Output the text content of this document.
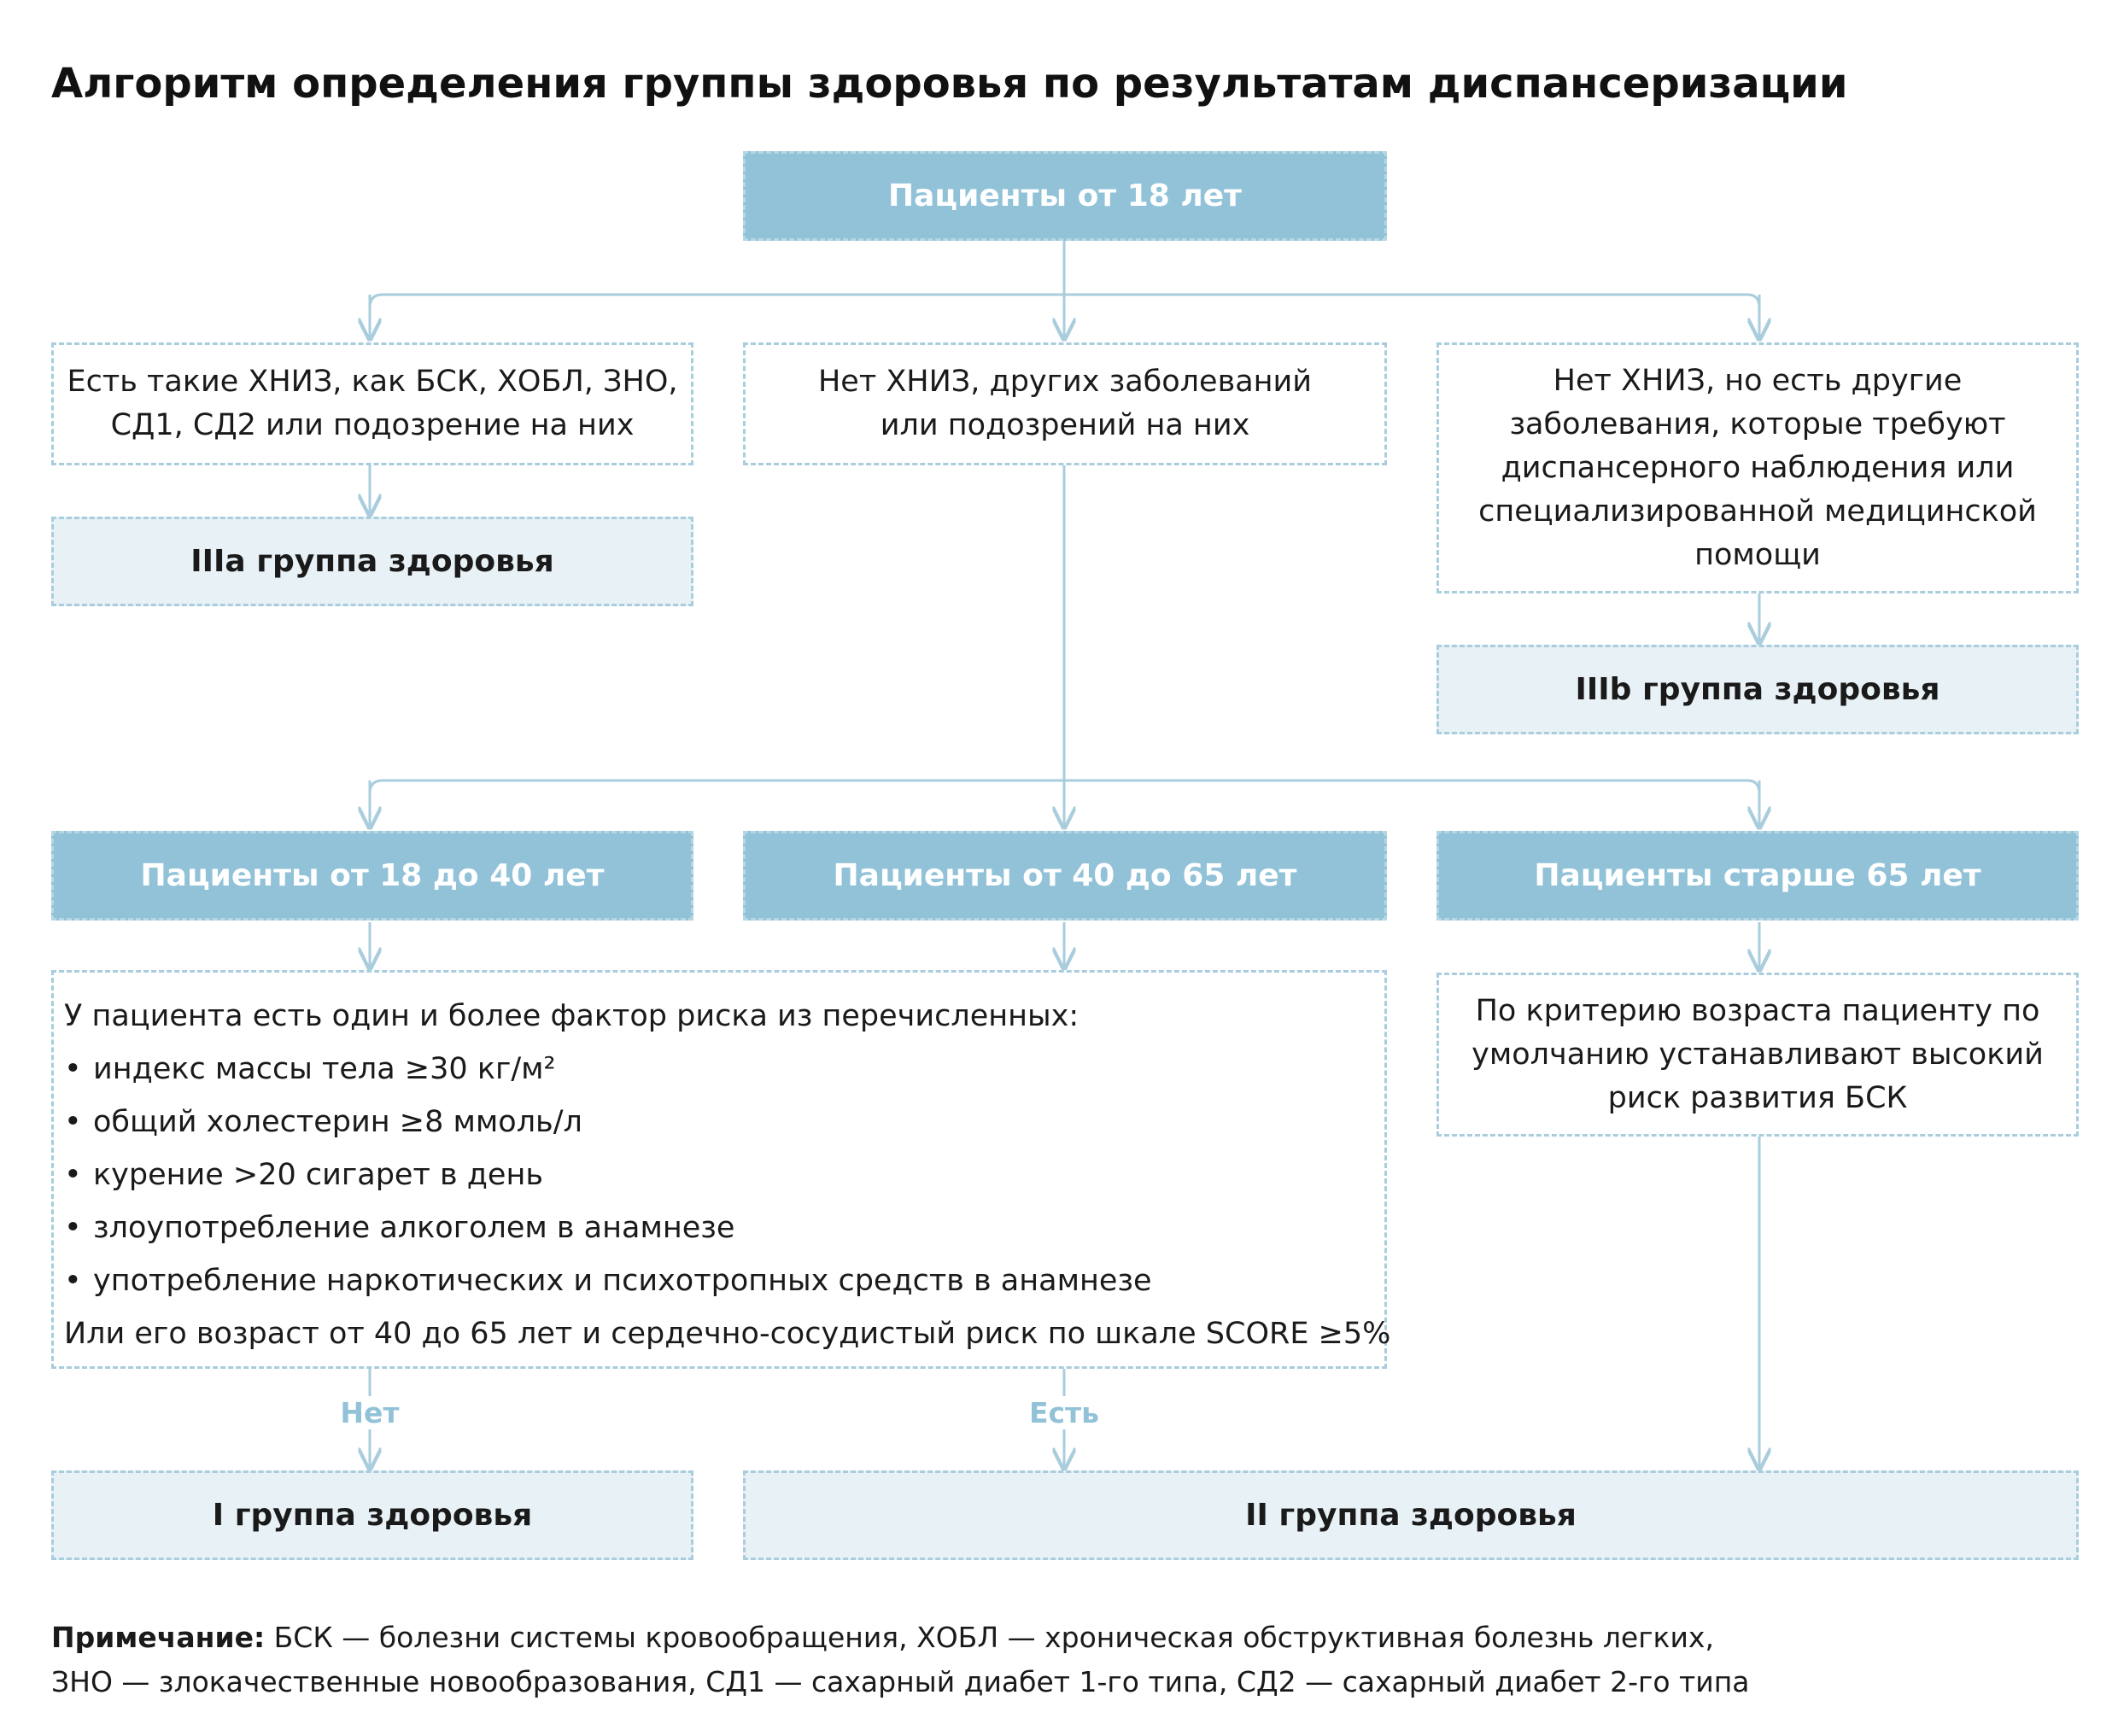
Алгоритм определения группы здоровья по результатам диспансеризации
Пациенты от 18 лет
Есть такие ХНИЗ, как БСК, ХОБЛ, ЗНО, СД1, СД2 или подозрение на них
Нет ХНИЗ, других заболеваний или подозрений на них
Нет ХНИЗ, но есть другие заболевания, которые требуют диспансерного наблюдения или специализированной медицинской помощи
IIIa группа здоровья
IIIb группа здоровья
Пациенты от 18 до 40 лет	Пациенты от 40 до 65 лет	Пациенты старше 65 лет
У пациента есть один и более фактор риска из перечисленных:
• индекс массы тела ≥30 кг/м²
• общий холестерин ≥8 ммоль/л
• курение >20 сигарет в день
• злоупотребление алкоголем в анамнезе
• употребление наркотических и психотропных средств в анамнезе
Или его возраст от 40 до 65 лет и сердечно-сосудистый риск по шкале SCORE ≥5%
По критерию возраста пациенту по умолчанию устанавливают высокий риск развития БСК
Нет	Есть
I группа здоровья	II группа здоровья
Примечание: БСК — болезни системы кровообращения, ХОБЛ — хроническая обструктивная болезнь легких,
ЗНО — злокачественные новообразования, СД1 — сахарный диабет 1-го типа, СД2 — сахарный диабет 2-го типа
